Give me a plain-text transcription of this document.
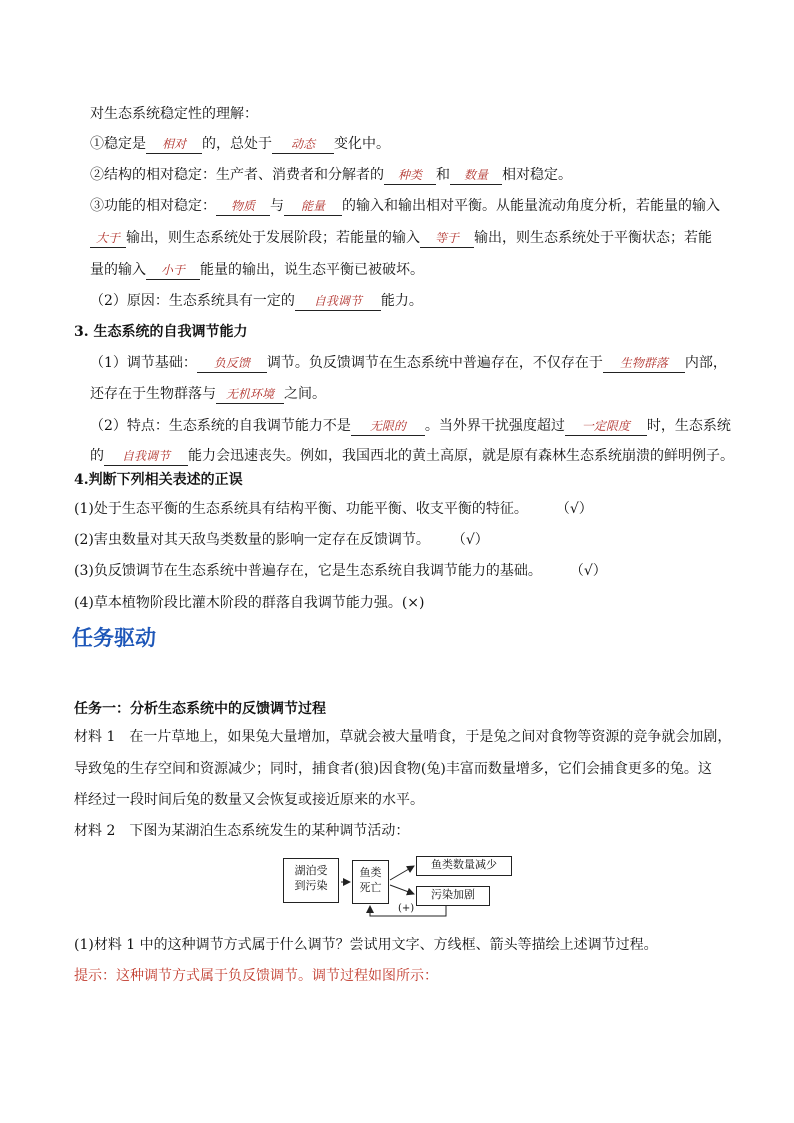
对生态系统稳定性的理解：
①稳定是 相对 的，总处于 动态 变化中。
②结构的相对稳定：生产者、消费者和分解者的 种类 和 数量 相对稳定。
③功能的相对稳定： 物质 与 能量 的输入和输出相对平衡。从能量流动角度分析，若能量的输入
大于 输出，则生态系统处于发展阶段；若能量的输入 等于 输出，则生态系统处于平衡状态；若能
量的输入 小于 能量的输出，说生态平衡已被破坏。
（2）原因：生态系统具有一定的 自我调节 能力。
3. 生态系统的自我调节能力
（1）调节基础： 负反馈 调节。负反馈调节在生态系统中普遍存在，不仅存在于 生物群落 内部，
还存在于生物群落与 无机环境 之间。
（2）特点：生态系统的自我调节能力不是 无限的 。当外界干扰强度超过 一定限度 时，生态系统
的 自我调节 能力会迅速丧失。例如，我国西北的黄土高原，就是原有森林生态系统崩溃的鲜明例子。
4.判断下列相关表述的正误
(1)处于生态平衡的生态系统具有结构平衡、功能平衡、收支平衡的特征。 （√）
(2)害虫数量对其天敌鸟类数量的影响一定存在反馈调节。 （√）
(3)负反馈调节在生态系统中普遍存在，它是生态系统自我调节能力的基础。 （√）
(4)草本植物阶段比灌木阶段的群落自我调节能力强。(×)
任务驱动
任务一：分析生态系统中的反馈调节过程
材料 1　在一片草地上，如果兔大量增加，草就会被大量啃食，于是兔之间对食物等资源的竞争就会加剧，
导致兔的生存空间和资源减少；同时，捕食者(狼)因食物(兔)丰富而数量增多，它们会捕食更多的兔。这
样经过一段时间后兔的数量又会恢复或接近原来的水平。
材料 2　下图为某湖泊生态系统发生的某种调节活动：
湖泊受
到污染
鱼类
死亡
鱼类数量减少
污染加剧
(+)
(1)材料 1 中的这种调节方式属于什么调节？尝试用文字、方线框、箭头等描绘上述调节过程。
提示：这种调节方式属于负反馈调节。调节过程如图所示：
